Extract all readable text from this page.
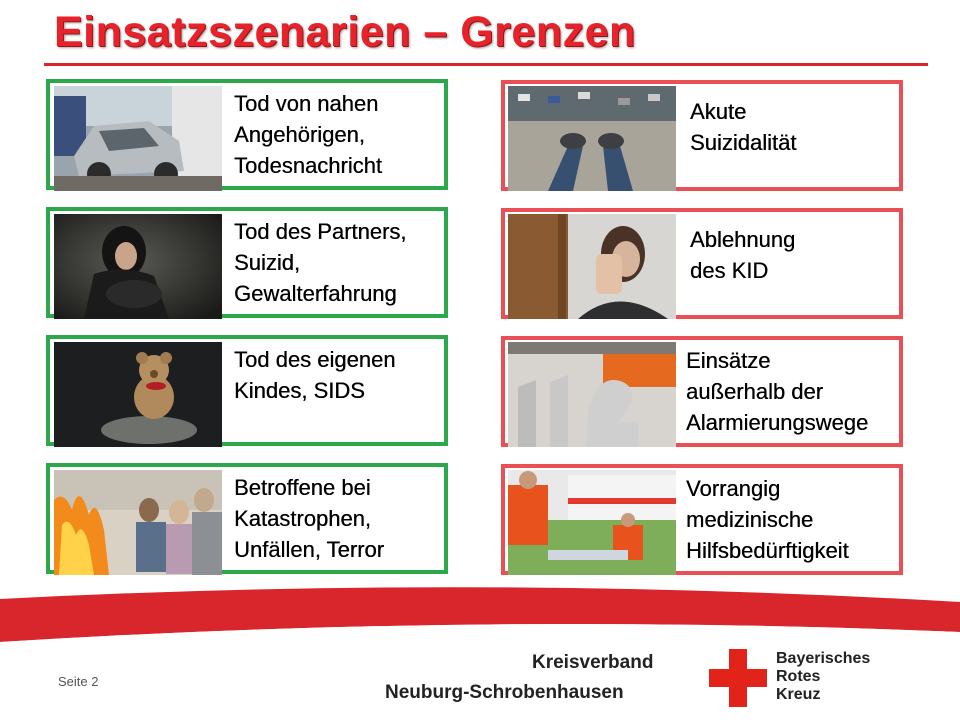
Einsatzszenarien – Grenzen
Tod von nahen
Angehörigen,
Todesnachricht
Tod des Partners,
Suizid,
Gewalterfahrung
Tod des eigenen
Kindes, SIDS
Betroffene bei
Katastrophen,
Unfällen, Terror
Akute
Suizidalität
Ablehnung
des KID
Einsätze
außerhalb der
Alarmierungswege
Vorrangig
medizinische
Hilfsbedürftigkeit
Seite 2
Kreisverband
Neuburg-Schrobenhausen
Bayerisches
Rotes
Kreuz
